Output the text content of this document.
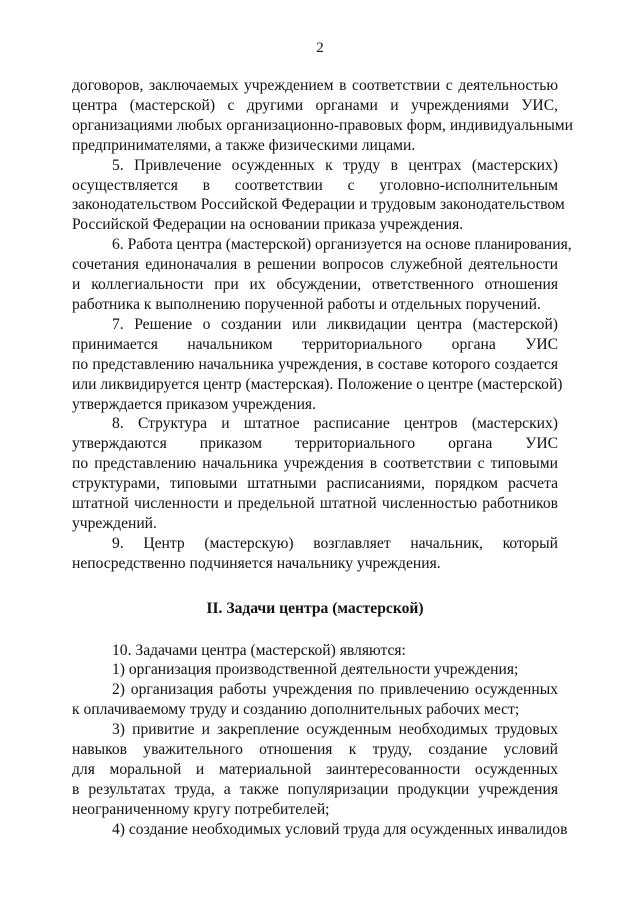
2
договоров, заключаемых учреждением в соответствии с деятельностью
центра (мастерской) с другими органами и учреждениями УИС,
организациями любых организационно-правовых форм, индивидуальными
предпринимателями, а также физическими лицами.
5. Привлечение осужденных к труду в центрах (мастерских)
осуществляется в соответствии с уголовно-исполнительным
законодательством Российской Федерации и трудовым законодательством
Российской Федерации на основании приказа учреждения.
6. Работа центра (мастерской) организуется на основе планирования,
сочетания единоначалия в решении вопросов служебной деятельности
и коллегиальности при их обсуждении, ответственного отношения
работника к выполнению порученной работы и отдельных поручений.
7. Решение о создании или ликвидации центра (мастерской)
принимается начальником территориального органа УИС
по представлению начальника учреждения, в составе которого создается
или ликвидируется центр (мастерская). Положение о центре (мастерской)
утверждается приказом учреждения.
8. Структура и штатное расписание центров (мастерских)
утверждаются приказом территориального органа УИС
по представлению начальника учреждения в соответствии с типовыми
структурами, типовыми штатными расписаниями, порядком расчета
штатной численности и предельной штатной численностью работников
учреждений.
9. Центр (мастерскую) возглавляет начальник, который
непосредственно подчиняется начальнику учреждения.
II. Задачи центра (мастерской)
10. Задачами центра (мастерской) являются:
1) организация производственной деятельности учреждения;
2) организация работы учреждения по привлечению осужденных
к оплачиваемому труду и созданию дополнительных рабочих мест;
3) привитие и закрепление осужденным необходимых трудовых
навыков уважительного отношения к труду, создание условий
для моральной и материальной заинтересованности осужденных
в результатах труда, а также популяризации продукции учреждения
неограниченному кругу потребителей;
4) создание необходимых условий труда для осужденных инвалидов
